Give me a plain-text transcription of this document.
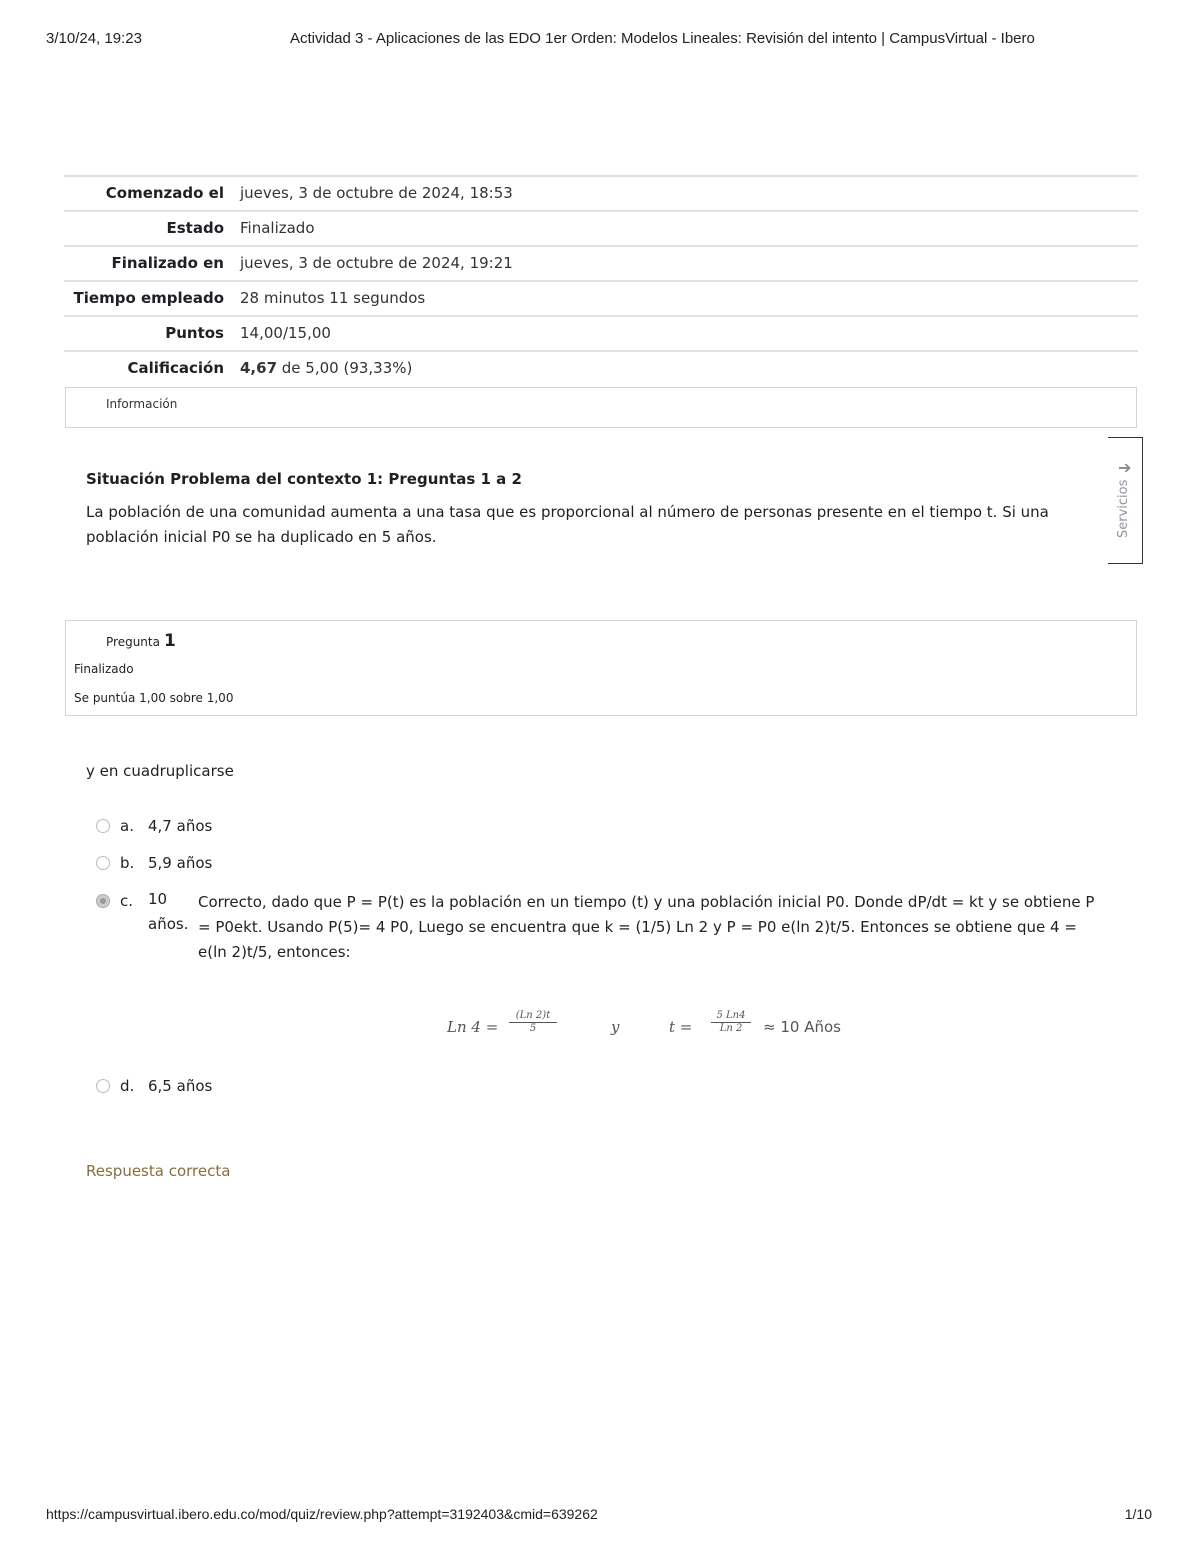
3/10/24, 19:23	Actividad 3 - Aplicaciones de las EDO 1er Orden: Modelos Lineales: Revisión del intento | CampusVirtual - Ibero
Comenzado el	jueves, 3 de octubre de 2024, 18:53
Estado	Finalizado
Finalizado en	jueves, 3 de octubre de 2024, 19:21
Tiempo empleado	28 minutos 11 segundos
Puntos	14,00/15,00
Calificación	4,67 de 5,00 (93,33%)
Información
➔
Servicios
Situación Problema del contexto 1: Preguntas 1 a 2

La población de una comunidad aumenta a una tasa que es proporcional al número de personas presente en el tiempo t. Si una población inicial P0 se ha duplicado en 5 años.

Pregunta 1
Finalizado
Se puntúa 1,00 sobre 1,00
y en cuadruplicarse
a. 4,7 años
b. 5,9 años
c. 10 años.
Correcto, dado que P = P(t) es la población en un tiempo (t) y una población inicial P0. Donde dP/dt = kt y se obtiene P = P0ekt. Usando P(5)= 4 P0, Luego se encuentra que k = (1/5) Ln 2 y P = P0 e(ln 2)t/5. Entonces se obtiene que 4 = e(ln 2)t/5, entonces:
Ln $4 = \frac{(Ln 2)t}{5}$	y	$t = \frac{5 Ln4}{Ln 2} \approx 10$ Años
d. 6,5 años
Respuesta correcta
https://campusvirtual.ibero.edu.co/mod/quiz/review.php?attempt=3192403&cmid=639262	1/10
